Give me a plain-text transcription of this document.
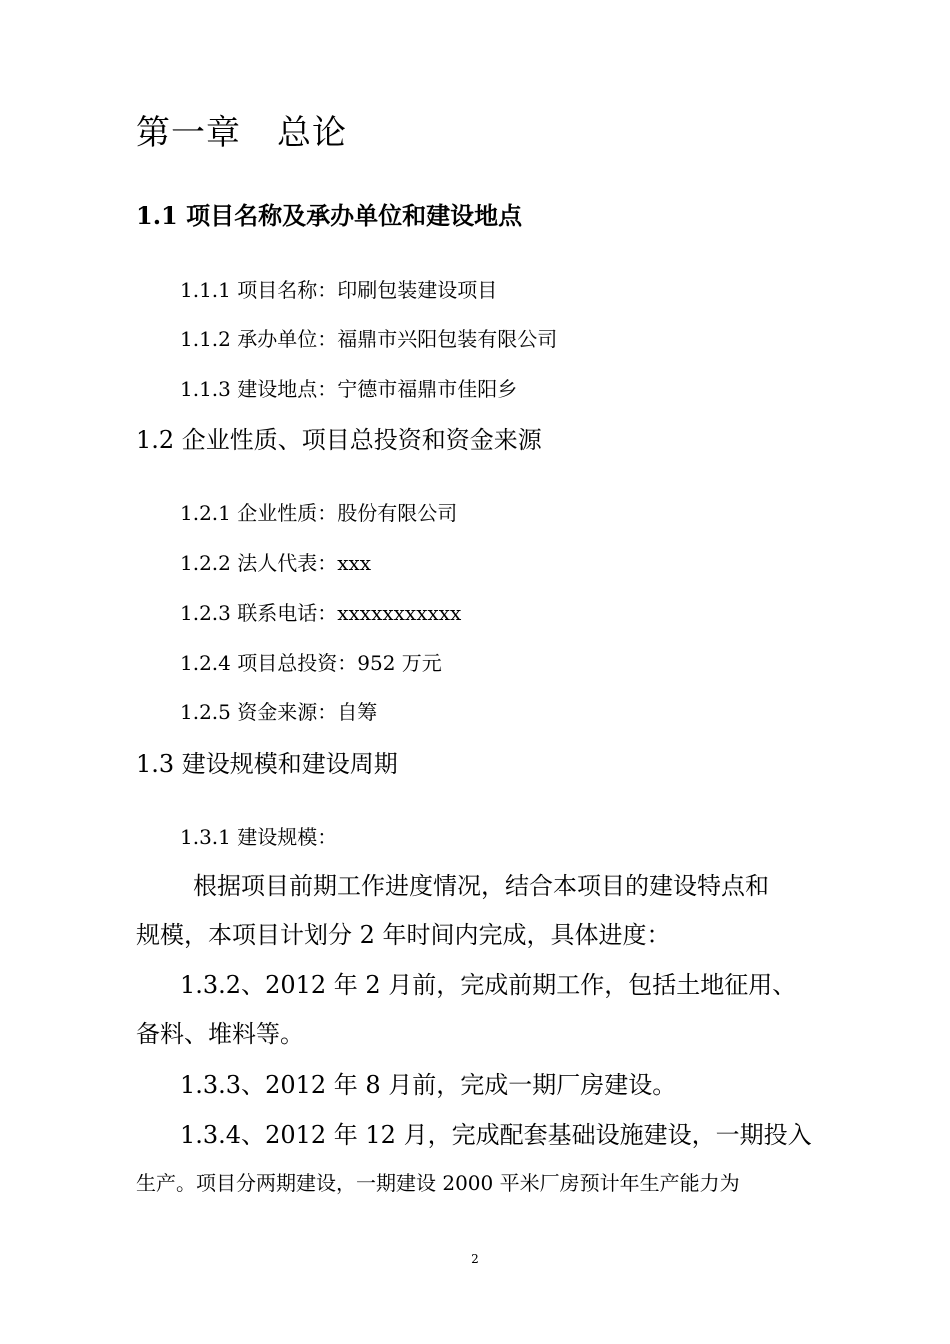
第一章 总论
1.1 项目名称及承办单位和建设地点
1.1.1 项目名称：印刷包装建设项目
1.1.2 承办单位：福鼎市兴阳包装有限公司
1.1.3 建设地点：宁德市福鼎市佳阳乡
1.2 企业性质、项目总投资和资金来源
1.2.1 企业性质：股份有限公司
1.2.2 法人代表：xxx
1.2.3 联系电话：xxxxxxxxxxx
1.2.4 项目总投资：952 万元
1.2.5 资金来源：自筹
1.3 建设规模和建设周期
1.3.1 建设规模：
根据项目前期工作进度情况，结合本项目的建设特点和
规模，本项目计划分 2 年时间内完成，具体进度：
1.3.2、2012 年 2 月前，完成前期工作，包括土地征用、
备料、堆料等。
1.3.3、2012 年 8 月前，完成一期厂房建设。
1.3.4、2012 年 12 月，完成配套基础设施建设，一期投入
生产。项目分两期建设，一期建设 2000 平米厂房预计年生产能力为
2
